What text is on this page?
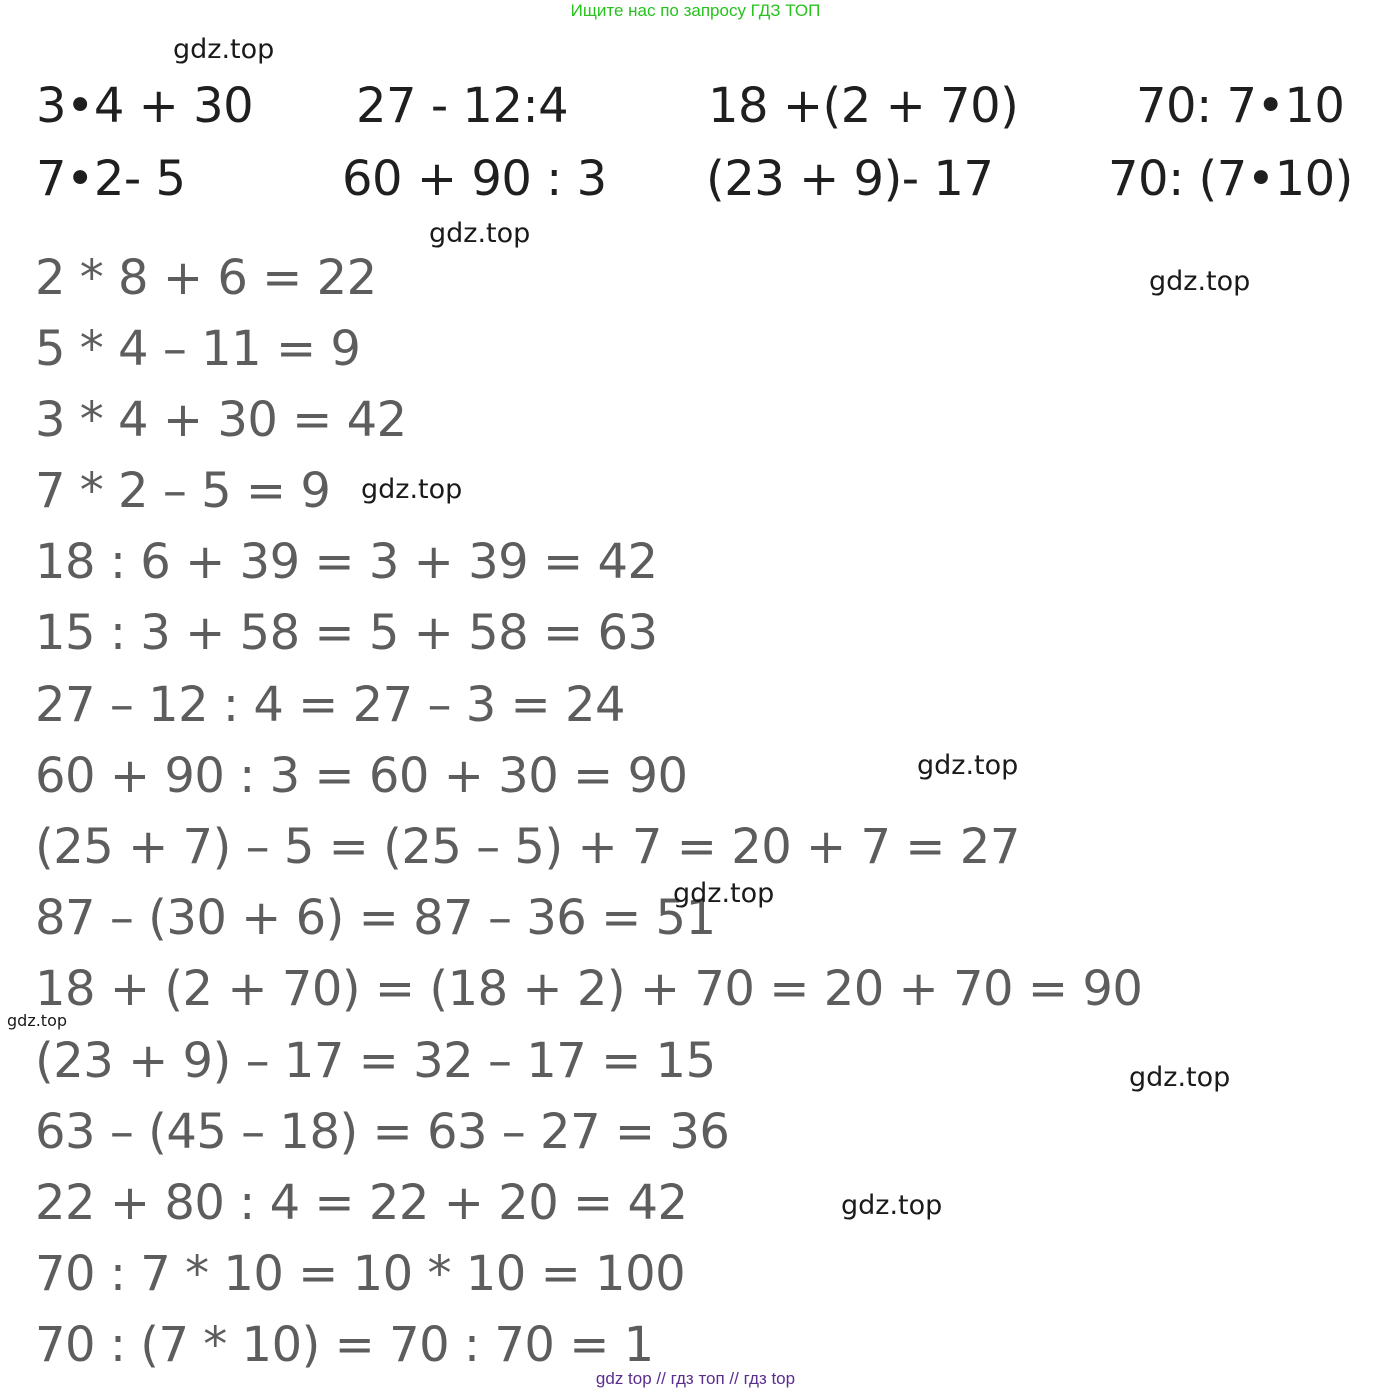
Ищите нас по запросу ГДЗ ТОП
3•4 + 30 27 - 12:4	18 +(2 + 70) 70: 7•10
7•2- 5	60 + 90 : 3 (23 + 9)- 17 70: (7•10)
2 * 8 + 6 = 22
5 * 4 – 11 = 9
3 * 4 + 30 = 42
7 * 2 – 5 = 9
18 : 6 + 39 = 3 + 39 = 42
15 : 3 + 58 = 5 + 58 = 63
27 – 12 : 4 = 27 – 3 = 24
60 + 90 : 3 = 60 + 30 = 90
(25 + 7) – 5 = (25 – 5) + 7 = 20 + 7 = 27
87 – (30 + 6) = 87 – 36 = 51
18 + (2 + 70) = (18 + 2) + 70 = 20 + 70 = 90
(23 + 9) – 17 = 32 – 17 = 15
63 – (45 – 18) = 63 – 27 = 36
22 + 80 : 4 = 22 + 20 = 42
70 : 7 * 10 = 10 * 10 = 100
70 : (7 * 10) = 70 : 70 = 1
gdz.top
gdz.top
gdz.top
gdz.top
gdz.top
gdz.top
gdz.top
gdz.top
gdz.top
gdz top // гдз топ // гдз top
